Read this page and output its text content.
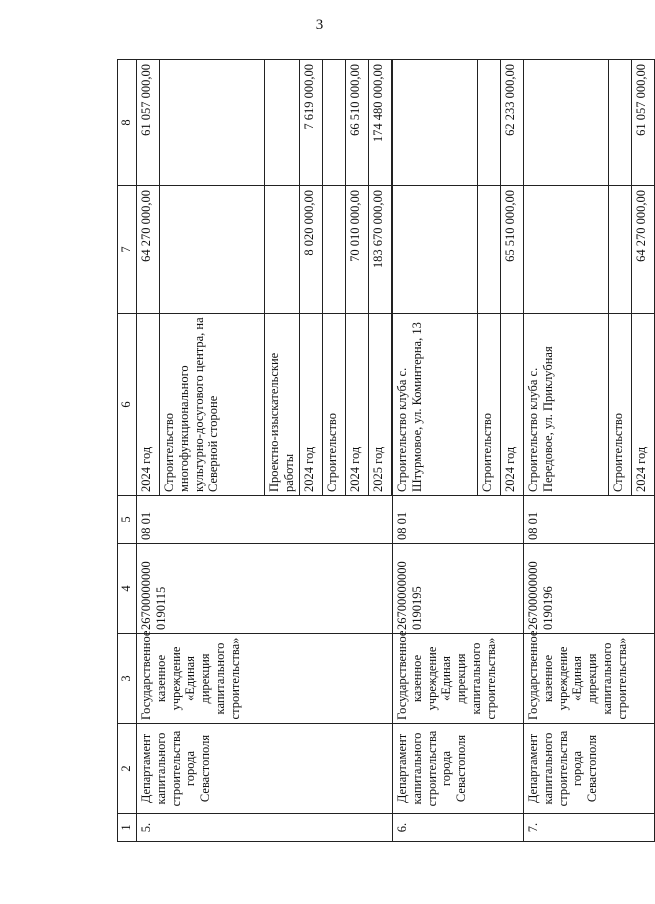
3
1	2	3	4	5	6	7	8
5.	Департамент капитального строительства города Севастополя	Государственное казенное учреждение «Единая дирекция капитального строительства»	26700000000 0190115	08 01	2024 год	64 270 000,00	61 057 000,00
					Строительство многофункционального культурно-досугового центра, на Северной стороне		
					Проектно-изыскательские работы		
					2024 год	8 020 000,00	7 619 000,00
					Строительство		
					2024 год	70 010 000,00	66 510 000,00
					2025 год	183 670 000,00	174 480 000,00

6.	Департамент капитального строительства города Севастополя	Государственное казенное учреждение «Единая дирекция капитального строительства»	26700000000 0190195	08 01	Строительство клуба с. Штурмовое, ул. Коминтерна, 13		
					Строительство		
					2024 год	65 510 000,00	62 233 000,00
7.	Департамент капитального строительства города Севастополя	Государственное казенное учреждение «Единая дирекция капитального строительства»	26700000000 0190196	08 01	Строительство клуба с. Передовое, ул. Приклубная		
					Строительство		
					2024 год	64 270 000,00	61 057 000,00
